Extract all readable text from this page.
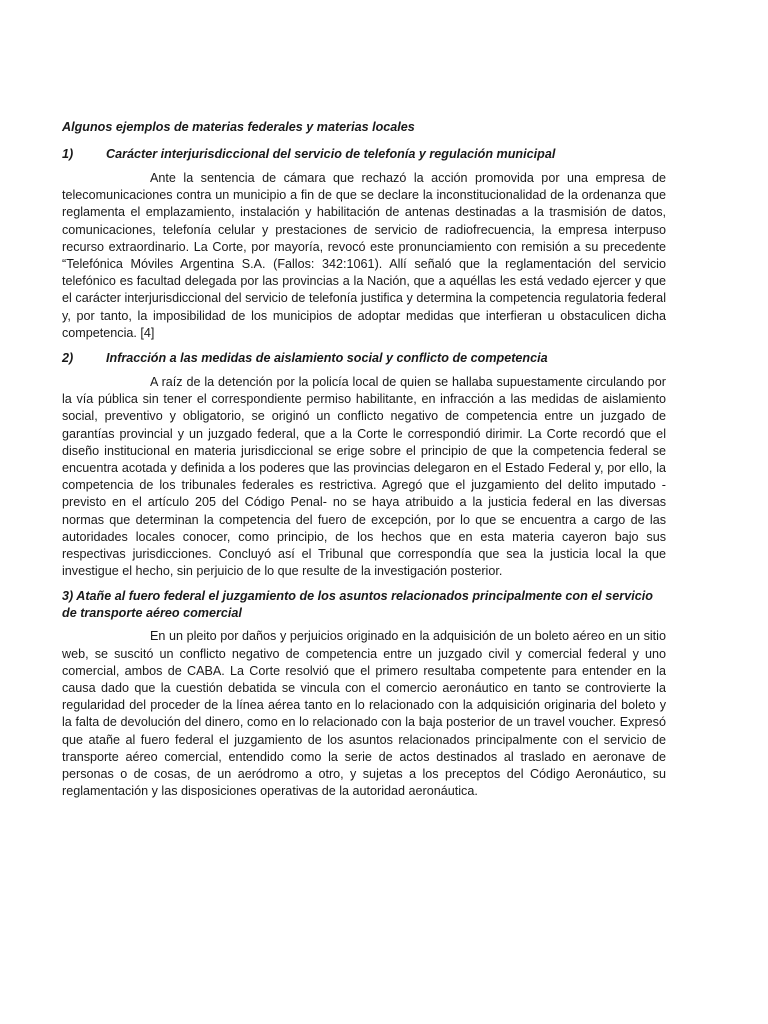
Algunos ejemplos de materias federales y materias locales
1)	Carácter interjurisdiccional del servicio de telefonía y regulación municipal

Ante la sentencia de cámara que rechazó la acción promovida por una empresa de telecomunicaciones contra un municipio a fin de que se declare la inconstitucionalidad de la ordenanza que reglamenta el emplazamiento, instalación y habilitación de antenas destinadas a la trasmisión de datos, comunicaciones, telefonía celular y prestaciones de servicio de radiofrecuencia, la empresa interpuso recurso extraordinario. La Corte, por mayoría, revocó este pronunciamiento con remisión a su precedente “Telefónica Móviles Argentina S.A. (Fallos: 342:1061). Allí señaló que la reglamentación del servicio telefónico es facultad delegada por las provincias a la Nación, que a aquéllas les está vedado ejercer y que el carácter interjurisdiccional del servicio de telefonía justifica y determina la competencia regulatoria federal y, por tanto, la imposibilidad de los municipios de adoptar medidas que interfieran u obstaculicen dicha competencia. [4]

2)	Infracción a las medidas de aislamiento social y conflicto de competencia

A raíz de la detención por la policía local de quien se hallaba supuestamente circulando por la vía pública sin tener el correspondiente permiso habilitante, en infracción a las medidas de aislamiento social, preventivo y obligatorio, se originó un conflicto negativo de competencia entre un juzgado de garantías provincial y un juzgado federal, que a la Corte le correspondió dirimir. La Corte recordó que el diseño institucional en materia jurisdiccional se erige sobre el principio de que la competencia federal se encuentra acotada y definida a los poderes que las provincias delegaron en el Estado Federal y, por ello, la competencia de los tribunales federales es restrictiva. Agregó que el juzgamiento del delito imputado -previsto en el artículo 205 del Código Penal- no se haya atribuido a la justicia federal en las diversas normas que determinan la competencia del fuero de excepción, por lo que se encuentra a cargo de las autoridades locales conocer, como principio, de los hechos que en esta materia cayeron bajo sus respectivas jurisdicciones. Concluyó así el Tribunal que correspondía que sea la justicia local la que investigue el hecho, sin perjuicio de lo que resulte de la investigación posterior.

3) Atañe al fuero federal el juzgamiento de los asuntos relacionados principalmente con el servicio de transporte aéreo comercial

En un pleito por daños y perjuicios originado en la adquisición de un boleto aéreo en un sitio web, se suscitó un conflicto negativo de competencia entre un juzgado civil y comercial federal y uno comercial, ambos de CABA. La Corte resolvió que el primero resultaba competente para entender en la causa dado que la cuestión debatida se vincula con el comercio aeronáutico en tanto se controvierte la regularidad del proceder de la línea aérea tanto en lo relacionado con la adquisición originaria del boleto y la falta de devolución del dinero, como en lo relacionado con la baja posterior de un travel voucher. Expresó que atañe al fuero federal el juzgamiento de los asuntos relacionados principalmente con el servicio de transporte aéreo comercial, entendido como la serie de actos destinados al traslado en aeronave de personas o de cosas, de un aeródromo a otro, y sujetas a los preceptos del Código Aeronáutico, su reglamentación y las disposiciones operativas de la autoridad aeronáutica.
